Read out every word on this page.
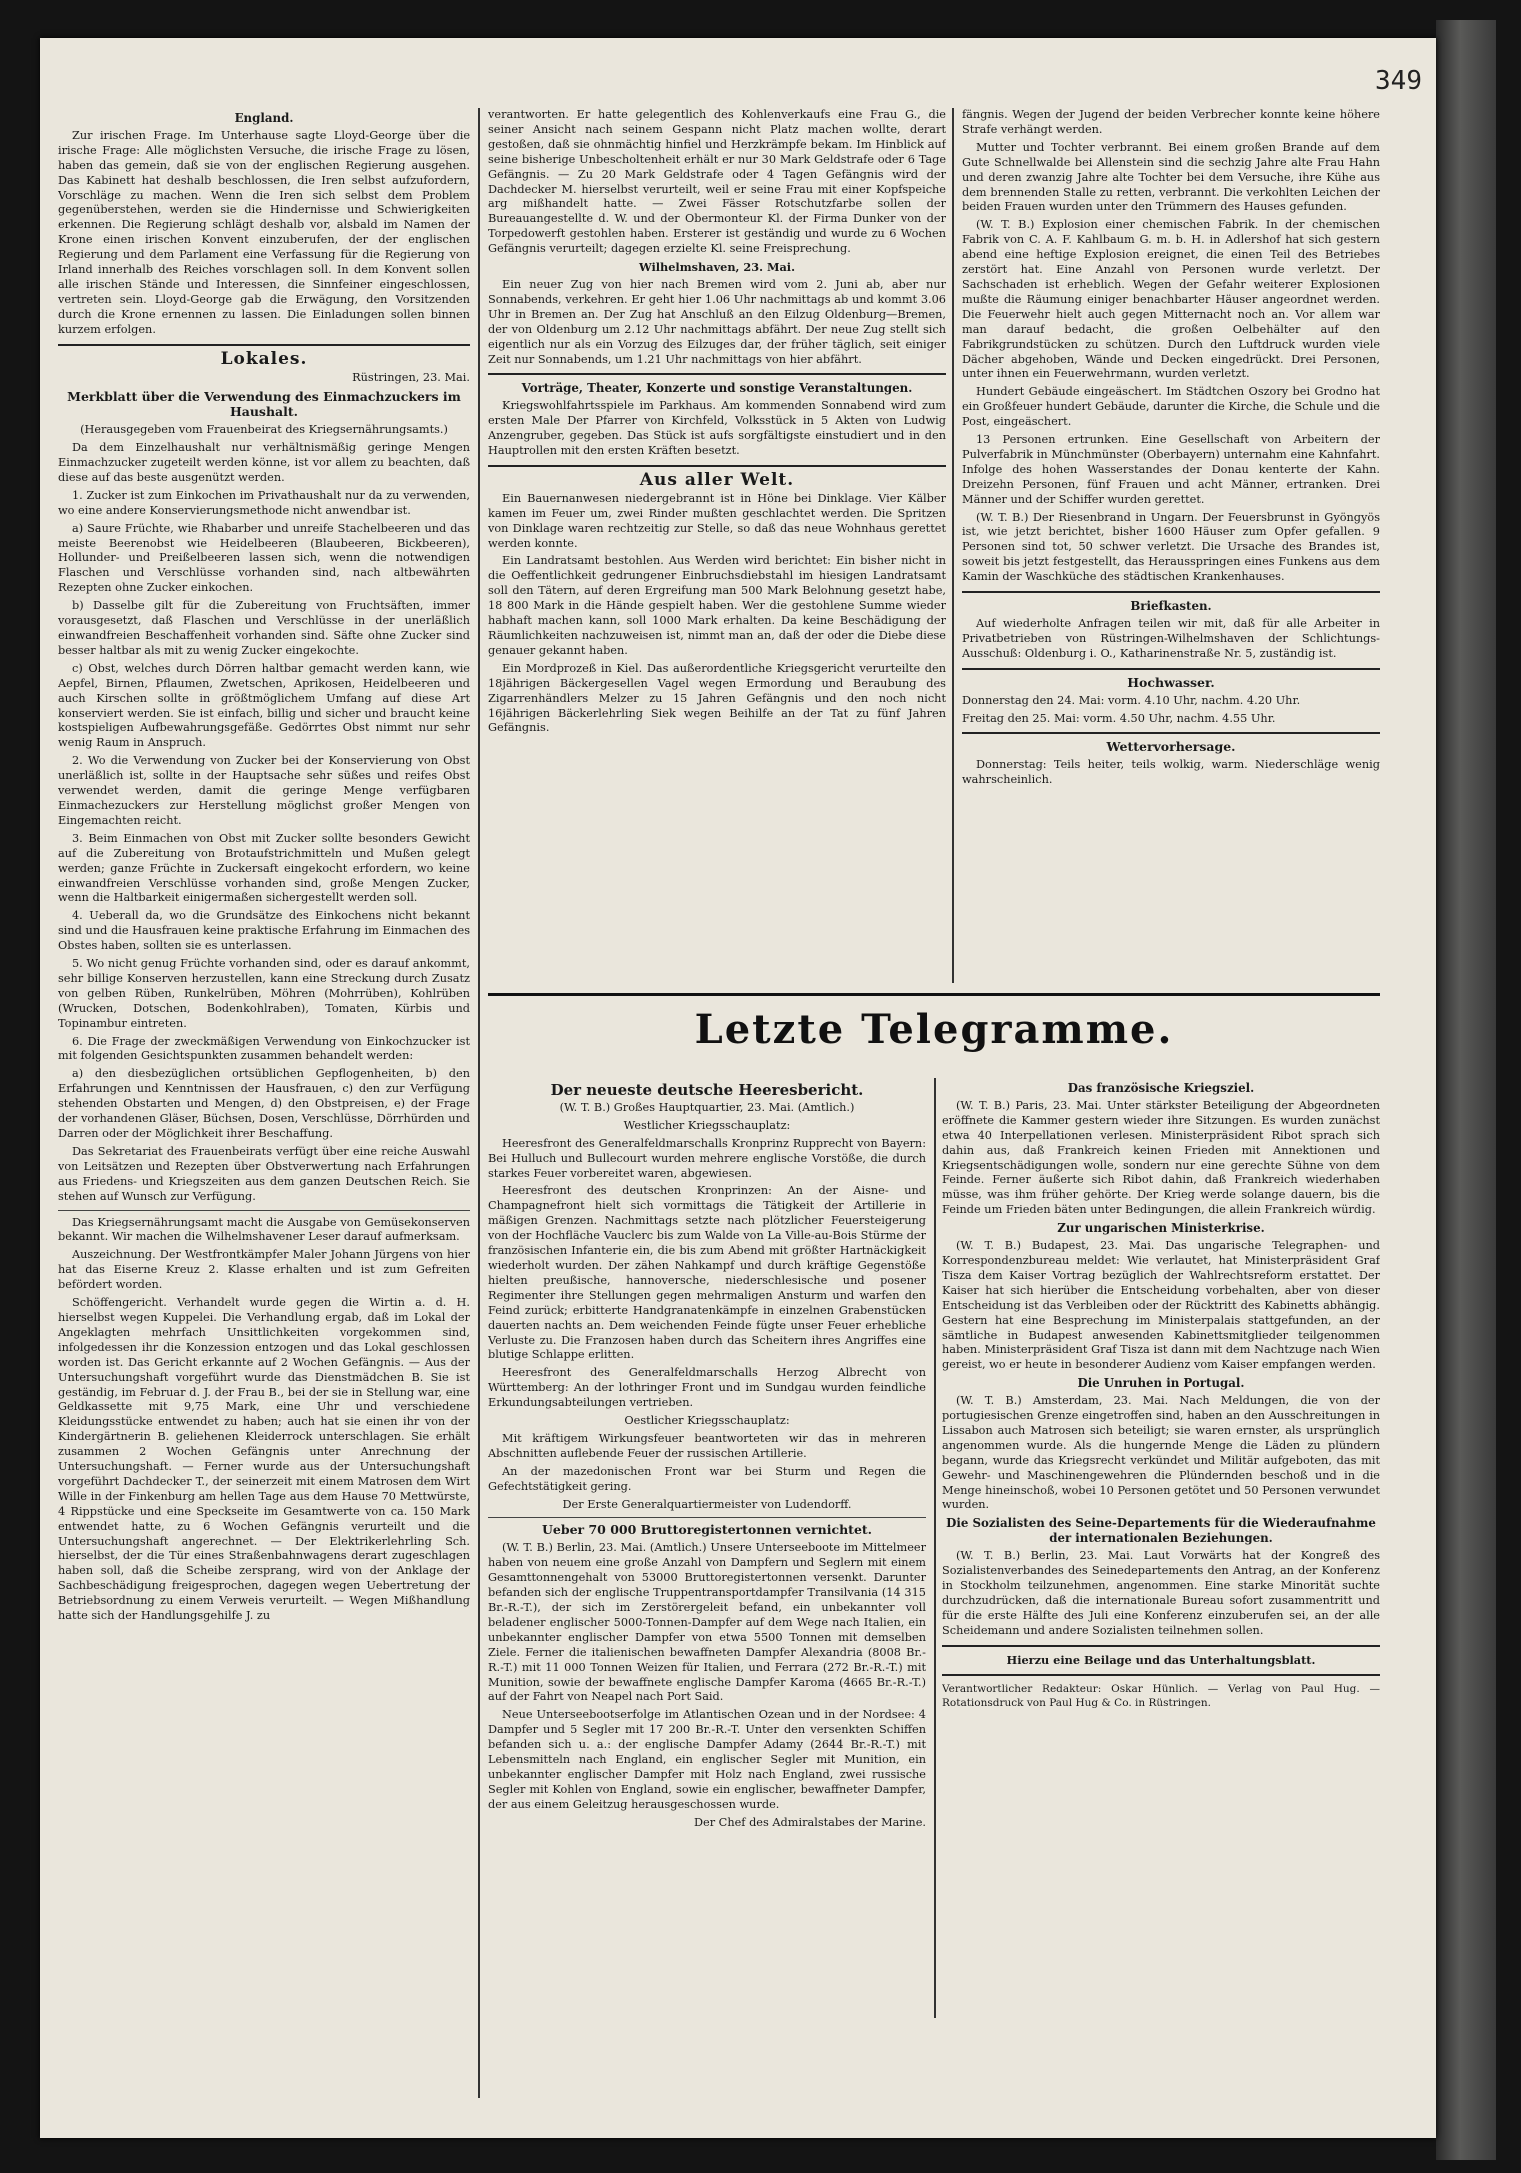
349
England.

Zur irischen Frage. Im Unterhause sagte Lloyd-George über die irische Frage: Alle möglichsten Versuche, die irische Frage zu lösen, haben das gemein, daß sie von der englischen Regierung ausgehen. Das Kabinett hat deshalb beschlossen, die Iren selbst aufzufordern, Vorschläge zu machen. Wenn die Iren sich selbst dem Problem gegenüberstehen, werden sie die Hindernisse und Schwierigkeiten erkennen. Die Regierung schlägt deshalb vor, alsbald im Namen der Krone einen irischen Konvent einzuberufen, der der englischen Regierung und dem Parlament eine Verfassung für die Regierung von Irland innerhalb des Reiches vorschlagen soll. In dem Konvent sollen alle irischen Stände und Interessen, die Sinnfeiner eingeschlossen, vertreten sein. Lloyd-George gab die Erwägung, den Vorsitzenden durch die Krone ernennen zu lassen. Die Einladungen sollen binnen kurzem erfolgen.

Lokales.

Rüstringen, 23. Mai.

Merkblatt über die Verwendung des Einmachzuckers im Haushalt.

(Herausgegeben vom Frauenbeirat des Kriegsernährungsamts.)

Da dem Einzelhaushalt nur verhältnismäßig geringe Mengen Einmachzucker zugeteilt werden könne, ist vor allem zu beachten, daß diese auf das beste ausgenützt werden.

1. Zucker ist zum Einkochen im Privathaushalt nur da zu verwenden, wo eine andere Konservierungsmethode nicht anwendbar ist.

a) Saure Früchte, wie Rhabarber und unreife Stachelbeeren und das meiste Beerenobst wie Heidelbeeren (Blaubeeren, Bickbeeren), Hollunder- und Preißelbeeren lassen sich, wenn die notwendigen Flaschen und Verschlüsse vorhanden sind, nach altbewährten Rezepten ohne Zucker einkochen.

b) Dasselbe gilt für die Zubereitung von Fruchtsäften, immer vorausgesetzt, daß Flaschen und Verschlüsse in der unerläßlich einwandfreien Beschaffenheit vorhanden sind. Säfte ohne Zucker sind besser haltbar als mit zu wenig Zucker eingekochte.

c) Obst, welches durch Dörren haltbar gemacht werden kann, wie Aepfel, Birnen, Pflaumen, Zwetschen, Aprikosen, Heidelbeeren und auch Kirschen sollte in größtmöglichem Umfang auf diese Art konserviert werden. Sie ist einfach, billig und sicher und braucht keine kostspieligen Aufbewahrungsgefäße. Gedörrtes Obst nimmt nur sehr wenig Raum in Anspruch.

2. Wo die Verwendung von Zucker bei der Konservierung von Obst unerläßlich ist, sollte in der Hauptsache sehr süßes und reifes Obst verwendet werden, damit die geringe Menge verfügbaren Einmachezuckers zur Herstellung möglichst großer Mengen von Eingemachten reicht.

3. Beim Einmachen von Obst mit Zucker sollte besonders Gewicht auf die Zubereitung von Brotaufstrichmitteln und Mußen gelegt werden; ganze Früchte in Zuckersaft eingekocht erfordern, wo keine einwandfreien Verschlüsse vorhanden sind, große Mengen Zucker, wenn die Haltbarkeit einigermaßen sichergestellt werden soll.

4. Ueberall da, wo die Grundsätze des Einkochens nicht bekannt sind und die Hausfrauen keine praktische Erfahrung im Einmachen des Obstes haben, sollten sie es unterlassen.

5. Wo nicht genug Früchte vorhanden sind, oder es darauf ankommt, sehr billige Konserven herzustellen, kann eine Streckung durch Zusatz von gelben Rüben, Runkelrüben, Möhren (Mohrrüben), Kohlrüben (Wrucken, Dotschen, Bodenkohlraben), Tomaten, Kürbis und Topinambur eintreten.

6. Die Frage der zweckmäßigen Verwendung von Einkochzucker ist mit folgenden Gesichtspunkten zusammen behandelt werden:

a) den diesbezüglichen ortsüblichen Gepflogenheiten, b) den Erfahrungen und Kenntnissen der Hausfrauen, c) den zur Verfügung stehenden Obstarten und Mengen, d) den Obstpreisen, e) der Frage der vorhandenen Gläser, Büchsen, Dosen, Verschlüsse, Dörrhürden und Darren oder der Möglichkeit ihrer Beschaffung.

Das Sekretariat des Frauenbeirats verfügt über eine reiche Auswahl von Leitsätzen und Rezepten über Obstverwertung nach Erfahrungen aus Friedens- und Kriegszeiten aus dem ganzen Deutschen Reich. Sie stehen auf Wunsch zur Verfügung.

Das Kriegsernährungsamt macht die Ausgabe von Gemüsekonserven bekannt. Wir machen die Wilhelmshavener Leser darauf aufmerksam.

Auszeichnung. Der Westfrontkämpfer Maler Johann Jürgens von hier hat das Eiserne Kreuz 2. Klasse erhalten und ist zum Gefreiten befördert worden.

Schöffengericht. Verhandelt wurde gegen die Wirtin a. d. H. hierselbst wegen Kuppelei. Die Verhandlung ergab, daß im Lokal der Angeklagten mehrfach Unsittlichkeiten vorgekommen sind, infolgedessen ihr die Konzession entzogen und das Lokal geschlossen worden ist. Das Gericht erkannte auf 2 Wochen Gefängnis. — Aus der Untersuchungshaft vorgeführt wurde das Dienstmädchen B. Sie ist geständig, im Februar d. J. der Frau B., bei der sie in Stellung war, eine Geldkassette mit 9,75 Mark, eine Uhr und verschiedene Kleidungsstücke entwendet zu haben; auch hat sie einen ihr von der Kindergärtnerin B. geliehenen Kleiderrock unterschlagen. Sie erhält zusammen 2 Wochen Gefängnis unter Anrechnung der Untersuchungshaft. — Ferner wurde aus der Untersuchungshaft vorgeführt Dachdecker T., der seinerzeit mit einem Matrosen dem Wirt Wille in der Finkenburg am hellen Tage aus dem Hause 70 Mettwürste, 4 Rippstücke und eine Speckseite im Gesamtwerte von ca. 150 Mark entwendet hatte, zu 6 Wochen Gefängnis verurteilt und die Untersuchungshaft angerechnet. — Der Elektrikerlehrling Sch. hierselbst, der die Tür eines Straßenbahnwagens derart zugeschlagen haben soll, daß die Scheibe zersprang, wird von der Anklage der Sachbeschädigung freigesprochen, dagegen wegen Uebertretung der Betriebsordnung zu einem Verweis verurteilt. — Wegen Mißhandlung hatte sich der Handlungsgehilfe J. zu

verantworten. Er hatte gelegentlich des Kohlenverkaufs eine Frau G., die seiner Ansicht nach seinem Gespann nicht Platz machen wollte, derart gestoßen, daß sie ohnmächtig hinfiel und Herzkrämpfe bekam. Im Hinblick auf seine bisherige Unbescholtenheit erhält er nur 30 Mark Geldstrafe oder 6 Tage Gefängnis. — Zu 20 Mark Geldstrafe oder 4 Tagen Gefängnis wird der Dachdecker M. hierselbst verurteilt, weil er seine Frau mit einer Kopfspeiche arg mißhandelt hatte. — Zwei Fässer Rotschutzfarbe sollen der Bureauangestellte d. W. und der Obermonteur Kl. der Firma Dunker von der Torpedowerft gestohlen haben. Ersterer ist geständig und wurde zu 6 Wochen Gefängnis verurteilt; dagegen erzielte Kl. seine Freisprechung.

Wilhelmshaven, 23. Mai.

Ein neuer Zug von hier nach Bremen wird vom 2. Juni ab, aber nur Sonnabends, verkehren. Er geht hier 1.06 Uhr nachmittags ab und kommt 3.06 Uhr in Bremen an. Der Zug hat Anschluß an den Eilzug Oldenburg—Bremen, der von Oldenburg um 2.12 Uhr nachmittags abfährt. Der neue Zug stellt sich eigentlich nur als ein Vorzug des Eilzuges dar, der früher täglich, seit einiger Zeit nur Sonnabends, um 1.21 Uhr nachmittags von hier abfährt.

Vorträge, Theater, Konzerte und sonstige Veranstaltungen.

Kriegswohlfahrtsspiele im Parkhaus. Am kommenden Sonnabend wird zum ersten Male Der Pfarrer von Kirchfeld, Volksstück in 5 Akten von Ludwig Anzengruber, gegeben. Das Stück ist aufs sorgfältigste einstudiert und in den Hauptrollen mit den ersten Kräften besetzt.

Aus aller Welt.

Ein Bauernanwesen niedergebrannt ist in Höne bei Dinklage. Vier Kälber kamen im Feuer um, zwei Rinder mußten geschlachtet werden. Die Spritzen von Dinklage waren rechtzeitig zur Stelle, so daß das neue Wohnhaus gerettet werden konnte.

Ein Landratsamt bestohlen. Aus Werden wird berichtet: Ein bisher nicht in die Oeffentlichkeit gedrungener Einbruchsdiebstahl im hiesigen Landratsamt soll den Tätern, auf deren Ergreifung man 500 Mark Belohnung gesetzt habe, 18 800 Mark in die Hände gespielt haben. Wer die gestohlene Summe wieder habhaft machen kann, soll 1000 Mark erhalten. Da keine Beschädigung der Räumlichkeiten nachzuweisen ist, nimmt man an, daß der oder die Diebe diese genauer gekannt haben.

Ein Mordprozeß in Kiel. Das außerordentliche Kriegsgericht verurteilte den 18jährigen Bäckergesellen Vagel wegen Ermordung und Beraubung des Zigarrenhändlers Melzer zu 15 Jahren Gefängnis und den noch nicht 16jährigen Bäckerlehrling Siek wegen Beihilfe an der Tat zu fünf Jahren Gefängnis.

fängnis. Wegen der Jugend der beiden Verbrecher konnte keine höhere Strafe verhängt werden.

Mutter und Tochter verbrannt. Bei einem großen Brande auf dem Gute Schnellwalde bei Allenstein sind die sechzig Jahre alte Frau Hahn und deren zwanzig Jahre alte Tochter bei dem Versuche, ihre Kühe aus dem brennenden Stalle zu retten, verbrannt. Die verkohlten Leichen der beiden Frauen wurden unter den Trümmern des Hauses gefunden.

(W. T. B.) Explosion einer chemischen Fabrik. In der chemischen Fabrik von C. A. F. Kahlbaum G. m. b. H. in Adlershof hat sich gestern abend eine heftige Explosion ereignet, die einen Teil des Betriebes zerstört hat. Eine Anzahl von Personen wurde verletzt. Der Sachschaden ist erheblich. Wegen der Gefahr weiterer Explosionen mußte die Räumung einiger benachbarter Häuser angeordnet werden. Die Feuerwehr hielt auch gegen Mitternacht noch an. Vor allem war man darauf bedacht, die großen Oelbehälter auf den Fabrikgrundstücken zu schützen. Durch den Luftdruck wurden viele Dächer abgehoben, Wände und Decken eingedrückt. Drei Personen, unter ihnen ein Feuerwehrmann, wurden verletzt.

Hundert Gebäude eingeäschert. Im Städtchen Oszory bei Grodno hat ein Großfeuer hundert Gebäude, darunter die Kirche, die Schule und die Post, eingeäschert.

13 Personen ertrunken. Eine Gesellschaft von Arbeitern der Pulverfabrik in Münchmünster (Oberbayern) unternahm eine Kahnfahrt. Infolge des hohen Wasserstandes der Donau kenterte der Kahn. Dreizehn Personen, fünf Frauen und acht Männer, ertranken. Drei Männer und der Schiffer wurden gerettet.

(W. T. B.) Der Riesenbrand in Ungarn. Der Feuersbrunst in Gyöngyös ist, wie jetzt berichtet, bisher 1600 Häuser zum Opfer gefallen. 9 Personen sind tot, 50 schwer verletzt. Die Ursache des Brandes ist, soweit bis jetzt festgestellt, das Herausspringen eines Funkens aus dem Kamin der Waschküche des städtischen Krankenhauses.

Briefkasten.

Auf wiederholte Anfragen teilen wir mit, daß für alle Arbeiter in Privatbetrieben von Rüstringen-Wilhelmshaven der Schlichtungs-Ausschuß: Oldenburg i. O., Katharinenstraße Nr. 5, zuständig ist.

Hochwasser.

Donnerstag den 24. Mai: vorm. 4.10 Uhr, nachm. 4.20 Uhr.

Freitag den 25. Mai: vorm. 4.50 Uhr, nachm. 4.55 Uhr.

Wettervorhersage.

Donnerstag: Teils heiter, teils wolkig, warm. Niederschläge wenig wahrscheinlich.

Letzte Telegramme.
Der neueste deutsche Heeresbericht.

(W. T. B.) Großes Hauptquartier, 23. Mai. (Amtlich.)

Westlicher Kriegsschauplatz:

Heeresfront des Generalfeldmarschalls Kronprinz Rupprecht von Bayern: Bei Hulluch und Bullecourt wurden mehrere englische Vorstöße, die durch starkes Feuer vorbereitet waren, abgewiesen.

Heeresfront des deutschen Kronprinzen: An der Aisne- und Champagnefront hielt sich vormittags die Tätigkeit der Artillerie in mäßigen Grenzen. Nachmittags setzte nach plötzlicher Feuersteigerung von der Hochfläche Vauclerc bis zum Walde von La Ville-au-Bois Stürme der französischen Infanterie ein, die bis zum Abend mit größter Hartnäckigkeit wiederholt wurden. Der zähen Nahkampf und durch kräftige Gegenstöße hielten preußische, hannoversche, niederschlesische und posener Regimenter ihre Stellungen gegen mehrmaligen Ansturm und warfen den Feind zurück; erbitterte Handgranatenkämpfe in einzelnen Grabenstücken dauerten nachts an. Dem weichenden Feinde fügte unser Feuer erhebliche Verluste zu. Die Franzosen haben durch das Scheitern ihres Angriffes eine blutige Schlappe erlitten.

Heeresfront des Generalfeldmarschalls Herzog Albrecht von Württemberg: An der lothringer Front und im Sundgau wurden feindliche Erkundungsabteilungen vertrieben.

Oestlicher Kriegsschauplatz:

Mit kräftigem Wirkungsfeuer beantworteten wir das in mehreren Abschnitten auflebende Feuer der russischen Artillerie.

An der mazedonischen Front war bei Sturm und Regen die Gefechtstätigkeit gering.

Der Erste Generalquartiermeister von Ludendorff.

Ueber 70 000 Bruttoregistertonnen vernichtet.

(W. T. B.) Berlin, 23. Mai. (Amtlich.) Unsere Unterseeboote im Mittelmeer haben von neuem eine große Anzahl von Dampfern und Seglern mit einem Gesamttonnengehalt von 53000 Bruttoregistertonnen versenkt. Darunter befanden sich der englische Truppentransportdampfer Transilvania (14 315 Br.-R.-T.), der sich im Zerstörergeleit befand, ein unbekannter voll beladener englischer 5000-Tonnen-Dampfer auf dem Wege nach Italien, ein unbekannter englischer Dampfer von etwa 5500 Tonnen mit demselben Ziele. Ferner die italienischen bewaffneten Dampfer Alexandria (8008 Br.-R.-T.) mit 11 000 Tonnen Weizen für Italien, und Ferrara (272 Br.-R.-T.) mit Munition, sowie der bewaffnete englische Dampfer Karoma (4665 Br.-R.-T.) auf der Fahrt von Neapel nach Port Said.

Neue Unterseebootserfolge im Atlantischen Ozean und in der Nordsee: 4 Dampfer und 5 Segler mit 17 200 Br.-R.-T. Unter den versenkten Schiffen befanden sich u. a.: der englische Dampfer Adamy (2644 Br.-R.-T.) mit Lebensmitteln nach England, ein englischer Segler mit Munition, ein unbekannter englischer Dampfer mit Holz nach England, zwei russische Segler mit Kohlen von England, sowie ein englischer, bewaffneter Dampfer, der aus einem Geleitzug herausgeschossen wurde.

Der Chef des Admiralstabes der Marine.

Das französische Kriegsziel.

(W. T. B.) Paris, 23. Mai. Unter stärkster Beteiligung der Abgeordneten eröffnete die Kammer gestern wieder ihre Sitzungen. Es wurden zunächst etwa 40 Interpellationen verlesen. Ministerpräsident Ribot sprach sich dahin aus, daß Frankreich keinen Frieden mit Annektionen und Kriegsentschädigungen wolle, sondern nur eine gerechte Sühne von dem Feinde. Ferner äußerte sich Ribot dahin, daß Frankreich wiederhaben müsse, was ihm früher gehörte. Der Krieg werde solange dauern, bis die Feinde um Frieden bäten unter Bedingungen, die allein Frankreich würdig.

Zur ungarischen Ministerkrise.

(W. T. B.) Budapest, 23. Mai. Das ungarische Telegraphen- und Korrespondenzbureau meldet: Wie verlautet, hat Ministerpräsident Graf Tisza dem Kaiser Vortrag bezüglich der Wahlrechtsreform erstattet. Der Kaiser hat sich hierüber die Entscheidung vorbehalten, aber von dieser Entscheidung ist das Verbleiben oder der Rücktritt des Kabinetts abhängig. Gestern hat eine Besprechung im Ministerpalais stattgefunden, an der sämtliche in Budapest anwesenden Kabinettsmitglieder teilgenommen haben. Ministerpräsident Graf Tisza ist dann mit dem Nachtzuge nach Wien gereist, wo er heute in besonderer Audienz vom Kaiser empfangen werden.

Die Unruhen in Portugal.

(W. T. B.) Amsterdam, 23. Mai. Nach Meldungen, die von der portugiesischen Grenze eingetroffen sind, haben an den Ausschreitungen in Lissabon auch Matrosen sich beteiligt; sie waren ernster, als ursprünglich angenommen wurde. Als die hungernde Menge die Läden zu plündern begann, wurde das Kriegsrecht verkündet und Militär aufgeboten, das mit Gewehr- und Maschinengewehren die Plündernden beschoß und in die Menge hineinschoß, wobei 10 Personen getötet und 50 Personen verwundet wurden.

Die Sozialisten des Seine-Departements für die Wiederaufnahme der internationalen Beziehungen.

(W. T. B.) Berlin, 23. Mai. Laut Vorwärts hat der Kongreß des Sozialistenverbandes des Seinedepartements den Antrag, an der Konferenz in Stockholm teilzunehmen, angenommen. Eine starke Minorität suchte durchzudrücken, daß die internationale Bureau sofort zusammentritt und für die erste Hälfte des Juli eine Konferenz einzuberufen sei, an der alle Scheidemann und andere Sozialisten teilnehmen sollen.

Hierzu eine Beilage und das Unterhaltungsblatt.

Verantwortlicher Redakteur: Oskar Hünlich. — Verlag von Paul Hug. — Rotationsdruck von Paul Hug & Co. in Rüstringen.
